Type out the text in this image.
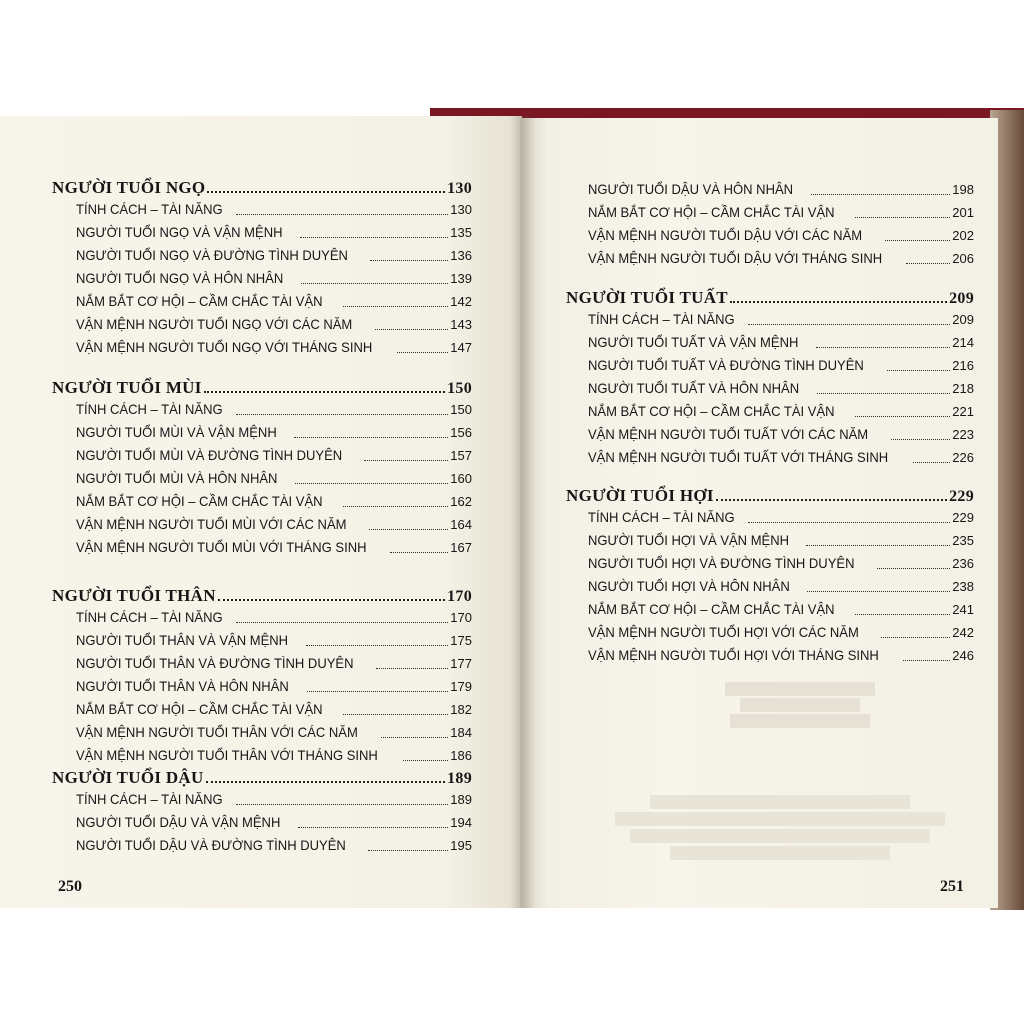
NGƯỜI TUỔI NGỌ	130
TÍNH CÁCH – TÀI NĂNG	130
NGƯỜI TUỔI NGỌ VÀ VẬN MỆNH	135
NGƯỜI TUỔI NGỌ VÀ ĐƯỜNG TÌNH DUYÊN	136
NGƯỜI TUỔI NGỌ VÀ HÔN NHÂN	139
NẮM BẮT CƠ HỘI – CẦM CHẮC TÀI VẬN	142
VẬN MỆNH NGƯỜI TUỔI NGỌ VỚI CÁC NĂM	143
VẬN MỆNH NGƯỜI TUỔI NGỌ VỚI THÁNG SINH	147
NGƯỜI TUỔI MÙI	150
TÍNH CÁCH – TÀI NĂNG	150
NGƯỜI TUỔI MÙI VÀ VẬN MỆNH	156
NGƯỜI TUỔI MÙI VÀ ĐƯỜNG TÌNH DUYÊN	157
NGƯỜI TUỔI MÙI VÀ HÔN NHÂN	160
NẮM BẮT CƠ HỘI – CẦM CHẮC TÀI VẬN	162
VẬN MỆNH NGƯỜI TUỔI MÙI VỚI CÁC NĂM	164
VẬN MỆNH NGƯỜI TUỔI MÙI VỚI THÁNG SINH	167
NGƯỜI TUỔI THÂN	170
TÍNH CÁCH – TÀI NĂNG	170
NGƯỜI TUỔI THÂN VÀ VẬN MỆNH	175
NGƯỜI TUỔI THÂN VÀ ĐƯỜNG TÌNH DUYÊN	177
NGƯỜI TUỔI THÂN VÀ HÔN NHÂN	179
NẮM BẮT CƠ HỘI – CẦM CHẮC TÀI VẬN	182
VẬN MỆNH NGƯỜI TUỔI THÂN VỚI CÁC NĂM	184
VẬN MỆNH NGƯỜI TUỔI THÂN VỚI THÁNG SINH	186
NGƯỜI TUỔI DẬU	189
TÍNH CÁCH – TÀI NĂNG	189
NGƯỜI TUỔI DẬU VÀ VẬN MỆNH	194
NGƯỜI TUỔI DẬU VÀ ĐƯỜNG TÌNH DUYÊN	195
250
NGƯỜI TUỔI DẬU VÀ HÔN NHÂN	198
NẮM BẮT CƠ HỘI – CẦM CHẮC TÀI VẬN	201
VẬN MỆNH NGƯỜI TUỔI DẬU VỚI CÁC NĂM	202
VẬN MỆNH NGƯỜI TUỔI DẬU VỚI THÁNG SINH	206
NGƯỜI TUỔI TUẤT	209
TÍNH CÁCH – TÀI NĂNG	209
NGƯỜI TUỔI TUẤT VÀ VẬN MỆNH	214
NGƯỜI TUỔI TUẤT VÀ ĐƯỜNG TÌNH DUYÊN	216
NGƯỜI TUỔI TUẤT VÀ HÔN NHÂN	218
NẮM BẮT CƠ HỘI – CẦM CHẮC TÀI VẬN	221
VẬN MỆNH NGƯỜI TUỔI TUẤT VỚI CÁC NĂM	223
VẬN MỆNH NGƯỜI TUỔI TUẤT VỚI THÁNG SINH	226
NGƯỜI TUỔI HỢI	229
TÍNH CÁCH – TÀI NĂNG	229
NGƯỜI TUỔI HỢI VÀ VẬN MỆNH	235
NGƯỜI TUỔI HỢI VÀ ĐƯỜNG TÌNH DUYÊN	236
NGƯỜI TUỔI HỢI VÀ HÔN NHÂN	238
NẮM BẮT CƠ HỘI – CẦM CHẮC TÀI VẬN	241
VẬN MỆNH NGƯỜI TUỔI HỢI VỚI CÁC NĂM	242
VẬN MỆNH NGƯỜI TUỔI HỢI VỚI THÁNG SINH	246
251
